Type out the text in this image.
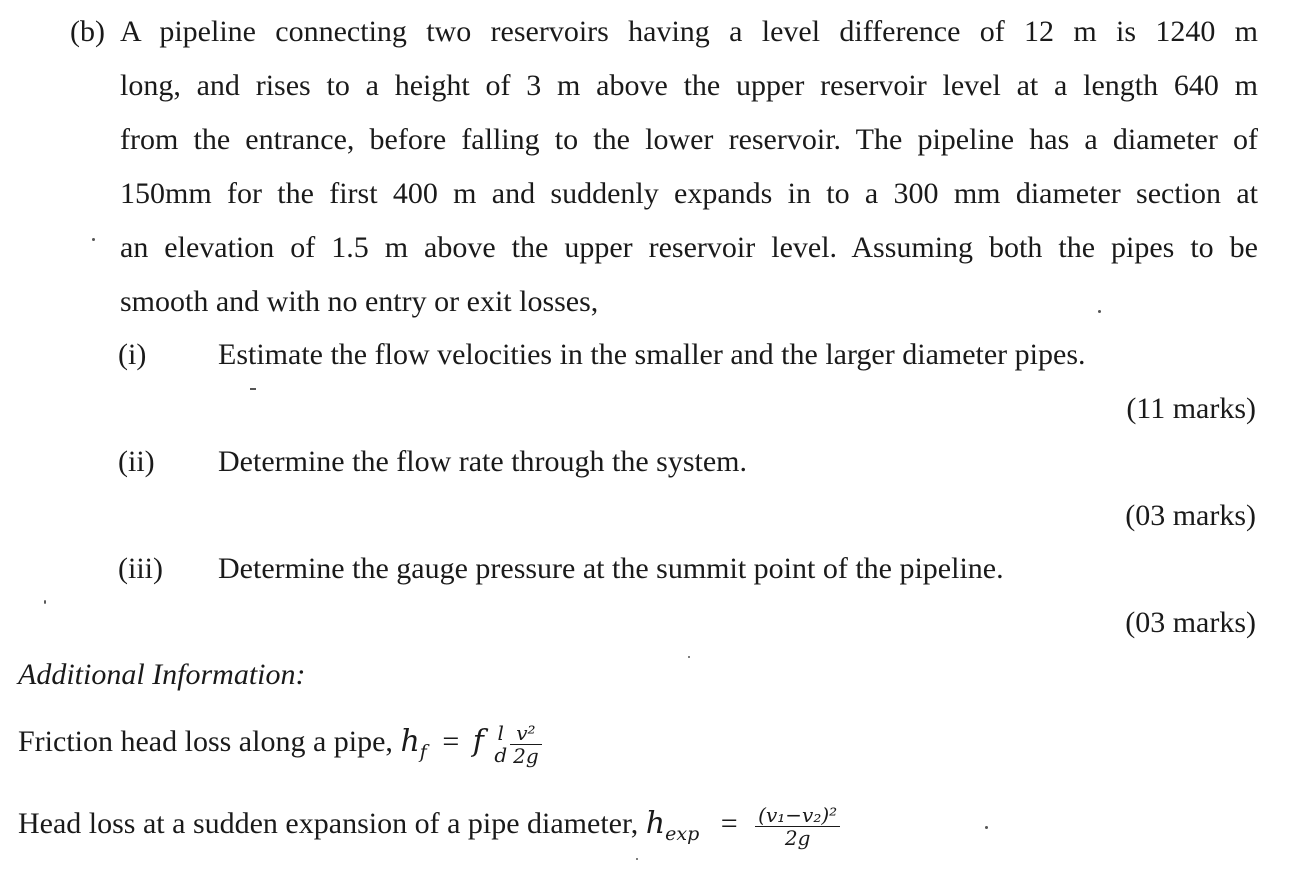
(b) A pipeline connecting two reservoirs having a level difference of 12 m is 1240 m
long, and rises to a height of 3 m above the upper reservoir level at a length 640 m
from the entrance, before falling to the lower reservoir. The pipeline has a diameter of
150mm for the first 400 m and suddenly expands in to a 300 mm diameter section at
an elevation of 1.5 m above the upper reservoir level. Assuming both the pipes to be
smooth and with no entry or exit losses,
(i) Estimate the flow velocities in the smaller and the larger diameter pipes.
(11 marks)
(ii) Determine the flow rate through the system.
(03 marks)
(iii) Determine the gauge pressure at the summit point of the pipeline.
(03 marks)
Additional Information:
Friction head loss along a pipe, $h_f = f$ l
d $\frac{\text{v²}}{2g}$
Head loss at a sudden expansion of a pipe diameter, $h_{exp} = \frac{\text{(v₁−v₂)²}}{2g}$
